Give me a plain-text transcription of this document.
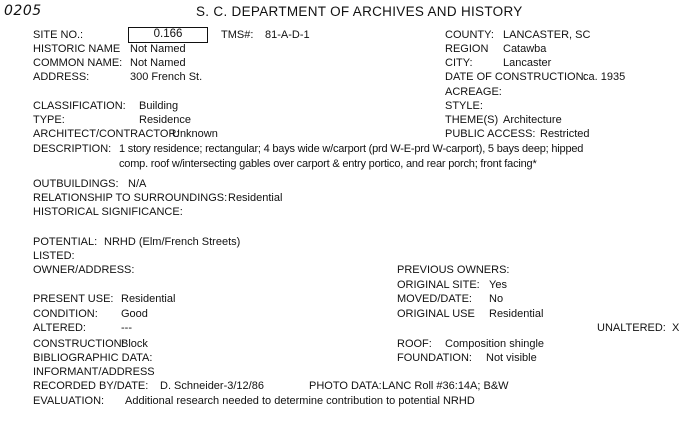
0205	S. C. DEPARTMENT OF ARCHIVES AND HISTORY
SITE NO.:	0.166	TMS#: 81-A-D-1	COUNTY: LANCASTER, SC
HISTORIC NAME Not Named	REGION Catawba
COMMON NAME: Not Named	CITY:	Lancaster
ADDRESS:	300 French St.	DATE OF CONSTRUCTION:
ca. 1935
ACREAGE:
CLASSIFICATION: Building	STYLE:
TYPE:	Residence	THEME(S) Architecture
ARCHITECT/CONTRACTOR:
Unknown	PUBLIC ACCESS: Restricted
DESCRIPTION: 1 story residence; rectangular; 4 bays wide w/carport (prd W-E-prd W-carport), 5 bays deep; hipped
comp. roof w/intersecting gables over carport & entry portico, and rear porch; front facing*
OUTBUILDINGS: N/A
RELATIONSHIP TO SURROUNDINGS: Residential
HISTORICAL SIGNIFICANCE:
POTENTIAL: NRHD (Elm/French Streets)
LISTED:
OWNER/ADDRESS:	PREVIOUS OWNERS:
ORIGINAL SITE: Yes
PRESENT USE: Residential	MOVED/DATE: No
CONDITION: Good	ORIGINAL USE Residential
ALTERED:	---	UNALTERED: X
CONSTRUCTION:
Block	ROOF: Composition shingle
BIBLIOGRAPHIC DATA:	FOUNDATION: Not visible
INFORMANT/ADDRESS
RECORDED BY/DATE: D. Schneider-3/12/86	PHOTO DATA: LANC Roll #36:14A; B&W
EVALUATION: Additional research needed to determine contribution to potential NRHD
